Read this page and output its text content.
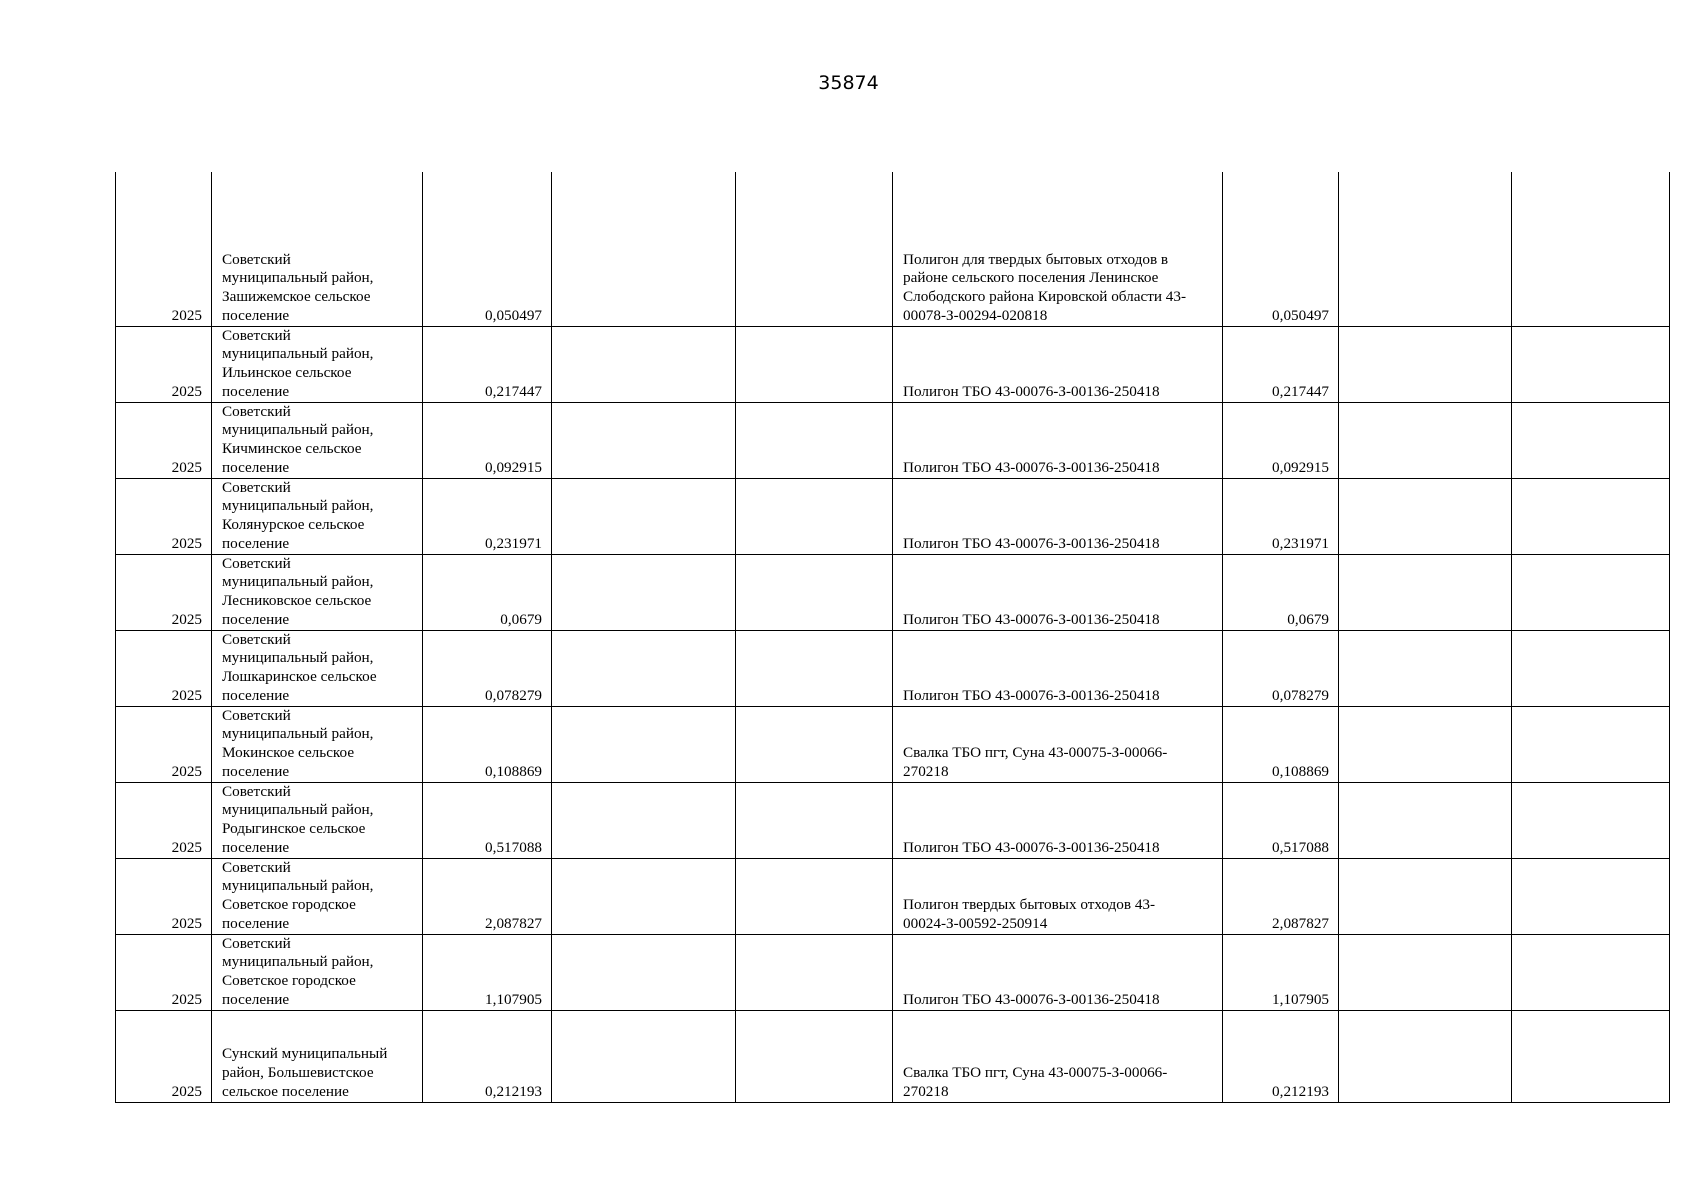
35874
2025	Советский
муниципальный район,
Зашижемское сельское
поселение	0,050497			Полигон для твердых бытовых отходов в
районе сельского поселения Ленинское
Слободского района Кировской области 43-
00078-З-00294-020818	0,050497		
2025	Советский
муниципальный район,
Ильинское сельское
поселение	0,217447			Полигон ТБО 43-00076-З-00136-250418	0,217447		
2025	Советский
муниципальный район,
Кичминское сельское
поселение	0,092915			Полигон ТБО 43-00076-З-00136-250418	0,092915		
2025	Советский
муниципальный район,
Колянурское сельское
поселение	0,231971			Полигон ТБО 43-00076-З-00136-250418	0,231971		
2025	Советский
муниципальный район,
Лесниковское сельское
поселение	0,0679			Полигон ТБО 43-00076-З-00136-250418	0,0679		
2025	Советский
муниципальный район,
Лошкаринское сельское
поселение	0,078279			Полигон ТБО 43-00076-З-00136-250418	0,078279		
2025	Советский
муниципальный район,
Мокинское сельское
поселение	0,108869			Свалка ТБО пгт, Суна 43-00075-З-00066-
270218	0,108869		
2025	Советский
муниципальный район,
Родыгинское сельское
поселение	0,517088			Полигон ТБО 43-00076-З-00136-250418	0,517088		
2025	Советский
муниципальный район,
Советское городское
поселение	2,087827			Полигон твердых бытовых отходов 43-
00024-З-00592-250914	2,087827		
2025	Советский
муниципальный район,
Советское городское
поселение	1,107905			Полигон ТБО 43-00076-З-00136-250418	1,107905		
2025	Сунский муниципальный
район, Большевистское
сельское поселение	0,212193			Свалка ТБО пгт, Суна 43-00075-З-00066-
270218	0,212193		
